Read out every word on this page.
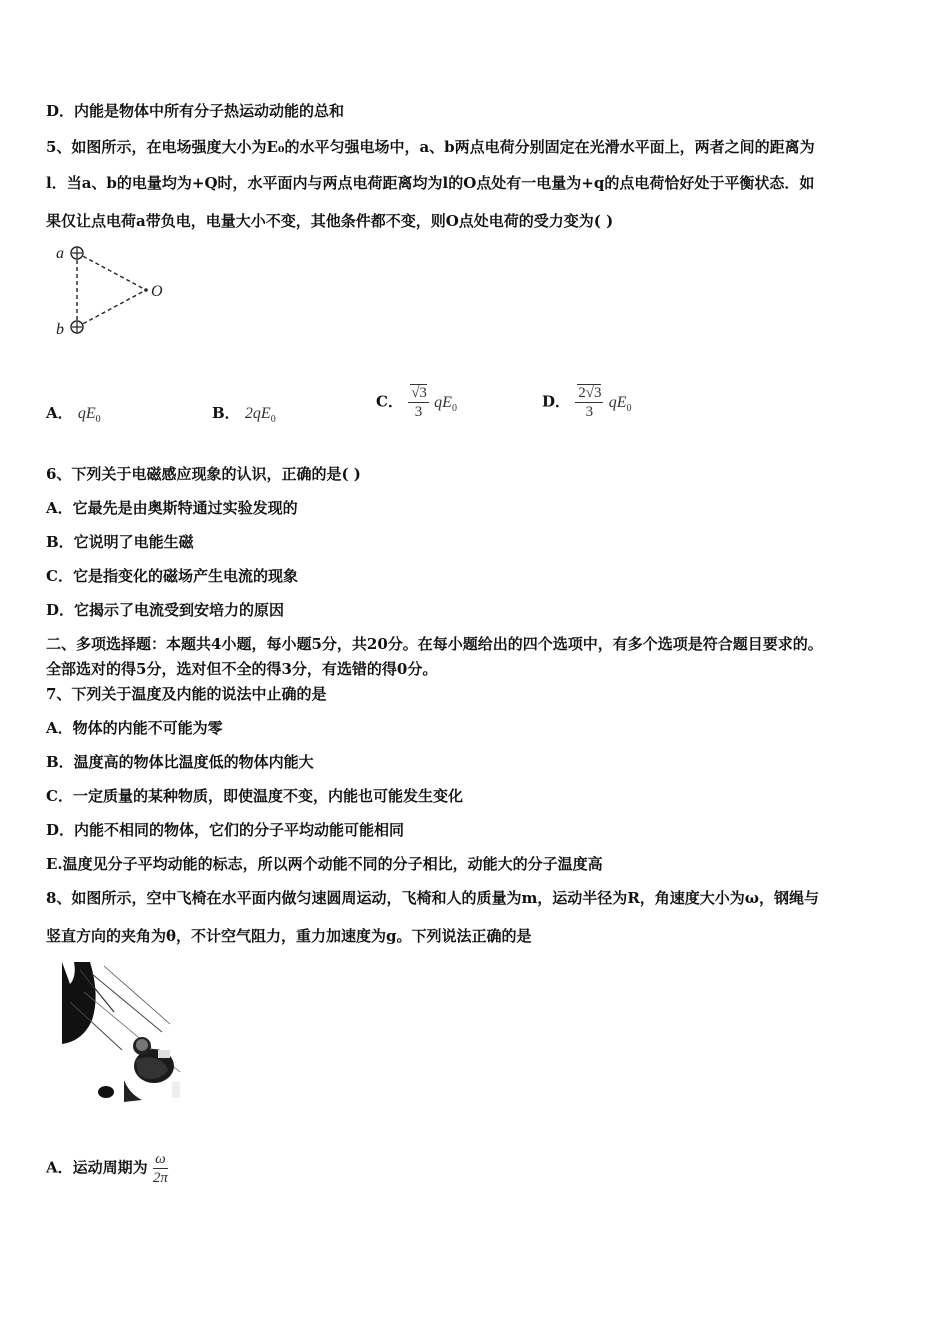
D．内能是物体中所有分子热运动动能的总和
5、如图所示，在电场强度大小为E₀的水平匀强电场中，a、b两点电荷分别固定在光滑水平面上，两者之间的距离为
l．当a、b的电量均为+Q时，水平面内与两点电荷距离均为l的O点处有一电量为+q的点电荷恰好处于平衡状态．如
果仅让点电荷a带负电，电量大小不变，其他条件都不变，则O点处电荷的受力变为( )
a
b
O
A． $qE_0$	B． $2qE_0$
C． $\frac{√3}{3} qE_0$	D． $\frac{2√3}{3} qE_0$
6、下列关于电磁感应现象的认识，正确的是( )
A．它最先是由奥斯特通过实验发现的
B．它说明了电能生磁
C．它是指变化的磁场产生电流的现象
D．它揭示了电流受到安培力的原因
二、多项选择题：本题共4小题，每小题5分，共20分。在每小题给出的四个选项中，有多个选项是符合题目要求的。
全部选对的得5分，选对但不全的得3分，有选错的得0分。
7、下列关于温度及内能的说法中止确的是
A．物体的内能不可能为零
B．温度高的物体比温度低的物体内能大
C．一定质量的某种物质，即使温度不变，内能也可能发生变化
D．内能不相同的物体，它们的分子平均动能可能相同
E.温度见分子平均动能的标志，所以两个动能不同的分子相比，动能大的分子温度高
8、如图所示，空中飞椅在水平面内做匀速圆周运动，飞椅和人的质量为m，运动半径为R，角速度大小为ω，钢绳与
竖直方向的夹角为θ，不计空气阻力，重力加速度为g。下列说法正确的是
A．运动周期为 $\frac{\omega}{2\pi}$
